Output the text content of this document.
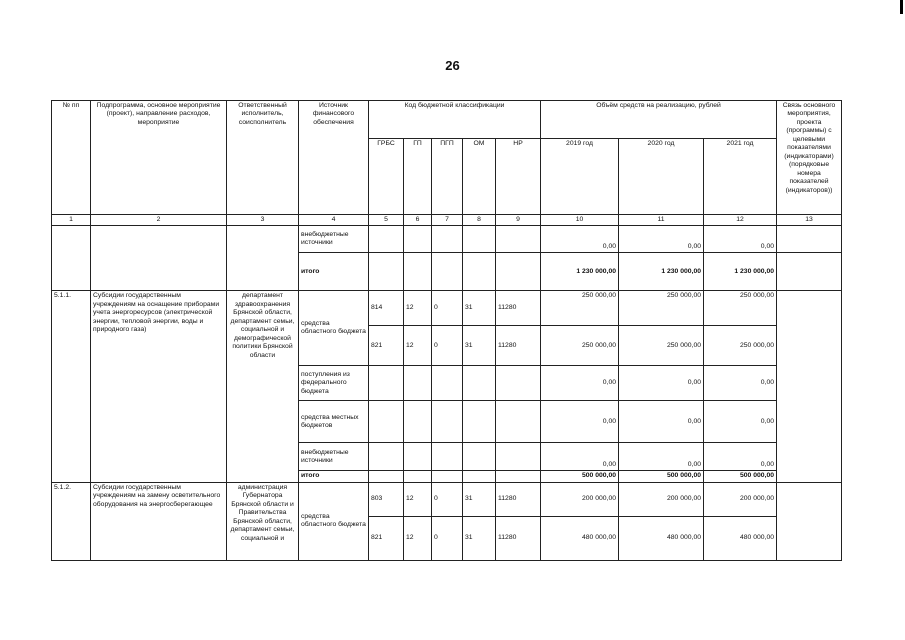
26
№ пп	Подпрограмма, основное мероприятие (проект), направление расходов, мероприятие	Ответственный исполнитель, соисполнитель	Источник финансового обеспечения	Код бюджетной классификации					Объём средств на реализацию, рублей			Связь основного мероприятия, проекта (программы) с целевыми показателями (индикаторами) (порядковые номера показателей (индикаторов))
				ГРБС	ГП	ПГП	ОМ	НР	2019 год	2020 год	2021 год	
1	2	3	4	5	6	7	8	9	10	11	12	13
			внебюджетные источники						0,00	0,00	0,00	
			итого						1 230 000,00	1 230 000,00	1 230 000,00	
5.1.1.	Субсидии государственным учреждениям на оснащение приборами учета энергоресурсов (электрической энергии, тепловой энергии, воды и природного газа)	департамент здравоохранения Брянской области, департамент семьи, социальной и демографической политики Брянской области	средства областного бюджета	814	12	0	31	11280	250 000,00	250 000,00	250 000,00	
				821	12	0	31	11280	250 000,00	250 000,00	250 000,00	
			поступления из федерального бюджета						0,00	0,00	0,00	
			средства местных бюджетов						0,00	0,00	0,00	
			внебюджетные источники						0,00	0,00	0,00	
			итого						500 000,00	500 000,00	500 000,00	
5.1.2.	Субсидии государственным учреждениям на замену осветительного оборудования на энергосберегающее	администрация Губернатора Брянской области и Правительства Брянской области, департамент семьи, социальной и	средства областного бюджета	803	12	0	31	11280	200 000,00	200 000,00	200 000,00	
				821	12	0	31	11280	480 000,00	480 000,00	480 000,00	
